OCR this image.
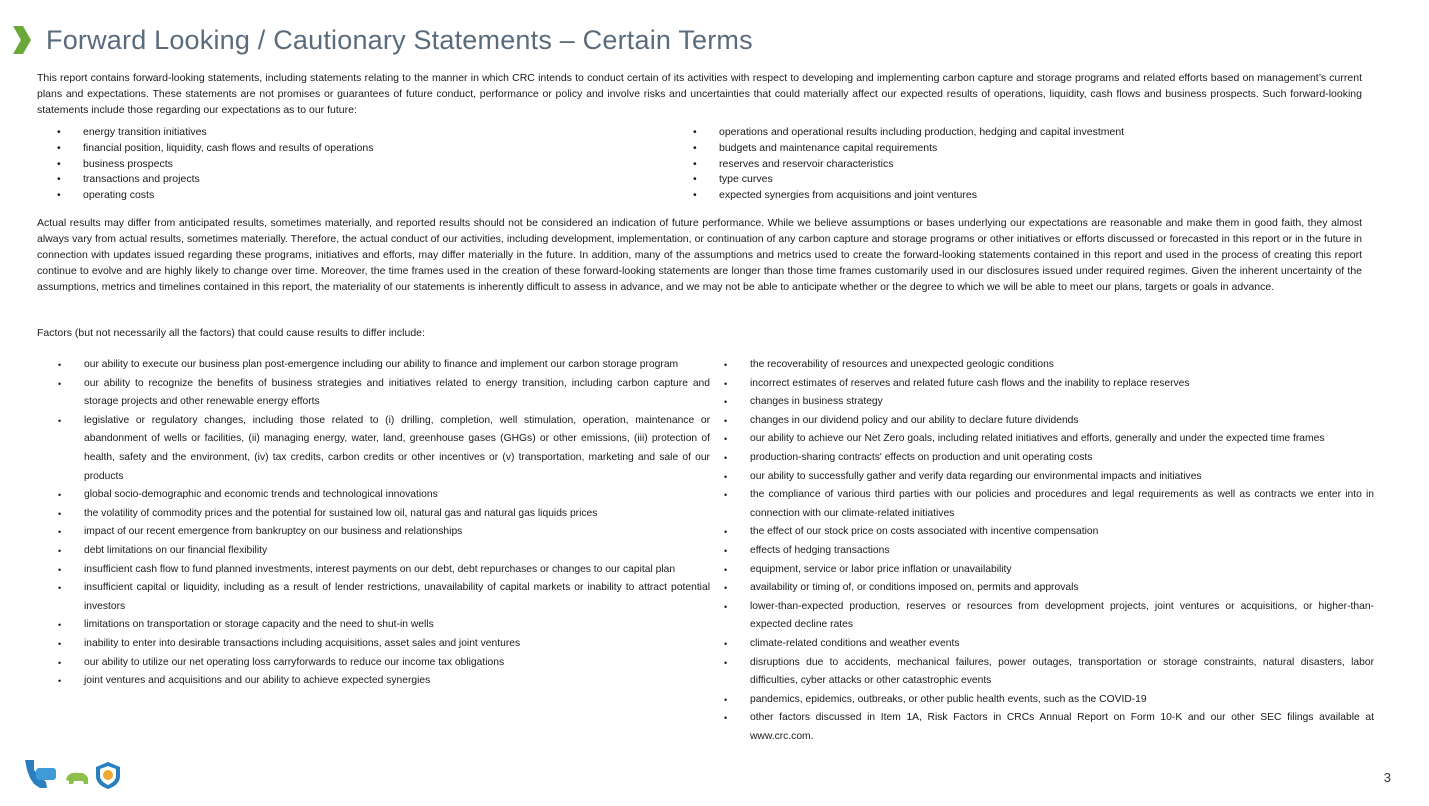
Forward Looking / Cautionary Statements – Certain Terms

This report contains forward-looking statements, including statements relating to the manner in which CRC intends to conduct certain of its activities with respect to developing and implementing carbon capture and storage programs and related efforts based on management’s current plans and expectations. These statements are not promises or guarantees of future conduct, performance or policy and involve risks and uncertainties that could materially affect our expected results of operations, liquidity, cash flows and business prospects. Such forward-looking statements include those regarding our expectations as to our future:

• energy transition initiatives
• financial position, liquidity, cash flows and results of operations
• business prospects
• transactions and projects
• operating costs
• operations and operational results including production, hedging and capital investment
• budgets and maintenance capital requirements
• reserves and reservoir characteristics
• type curves
• expected synergies from acquisitions and joint ventures

Actual results may differ from anticipated results, sometimes materially, and reported results should not be considered an indication of future performance. While we believe assumptions or bases underlying our expectations are reasonable and make them in good faith, they almost always vary from actual results, sometimes materially. Therefore, the actual conduct of our activities, including development, implementation, or continuation of any carbon capture and storage programs or other initiatives or efforts discussed or forecasted in this report or in the future in connection with updates issued regarding these programs, initiatives and efforts, may differ materially in the future. In addition, many of the assumptions and metrics used to create the forward-looking statements contained in this report and used in the process of creating this report continue to evolve and are highly likely to change over time. Moreover, the time frames used in the creation of these forward-looking statements are longer than those time frames customarily used in our disclosures issued under required regimes. Given the inherent uncertainty of the assumptions, metrics and timelines contained in this report, the materiality of our statements is inherently difficult to assess in advance, and we may not be able to anticipate whether or the degree to which we will be able to meet our plans, targets or goals in advance.

Factors (but not necessarily all the factors) that could cause results to differ include:

• our ability to execute our business plan post-emergence including our ability to finance and implement our carbon storage program
• our ability to recognize the benefits of business strategies and initiatives related to energy transition, including carbon capture and storage projects and other renewable energy efforts
• legislative or regulatory changes, including those related to (i) drilling, completion, well stimulation, operation, maintenance or abandonment of wells or facilities, (ii) managing energy, water, land, greenhouse gases (GHGs) or other emissions, (iii) protection of health, safety and the environment, (iv) tax credits, carbon credits or other incentives or (v) transportation, marketing and sale of our products
• global socio-demographic and economic trends and technological innovations
• the volatility of commodity prices and the potential for sustained low oil, natural gas and natural gas liquids prices
• impact of our recent emergence from bankruptcy on our business and relationships
• debt limitations on our financial flexibility
• insufficient cash flow to fund planned investments, interest payments on our debt, debt repurchases or changes to our capital plan
• insufficient capital or liquidity, including as a result of lender restrictions, unavailability of capital markets or inability to attract potential investors
• limitations on transportation or storage capacity and the need to shut-in wells
• inability to enter into desirable transactions including acquisitions, asset sales and joint ventures
• our ability to utilize our net operating loss carryforwards to reduce our income tax obligations
• joint ventures and acquisitions and our ability to achieve expected synergies
• the recoverability of resources and unexpected geologic conditions
• incorrect estimates of reserves and related future cash flows and the inability to replace reserves
• changes in business strategy
• changes in our dividend policy and our ability to declare future dividends
• our ability to achieve our Net Zero goals, including related initiatives and efforts, generally and under the expected time frames
• production-sharing contracts' effects on production and unit operating costs
• our ability to successfully gather and verify data regarding our environmental impacts and initiatives
• the compliance of various third parties with our policies and procedures and legal requirements as well as contracts we enter into in connection with our climate-related initiatives
• the effect of our stock price on costs associated with incentive compensation
• effects of hedging transactions
• equipment, service or labor price inflation or unavailability
• availability or timing of, or conditions imposed on, permits and approvals
• lower-than-expected production, reserves or resources from development projects, joint ventures or acquisitions, or higher-than-expected decline rates
• climate-related conditions and weather events
• disruptions due to accidents, mechanical failures, power outages, transportation or storage constraints, natural disasters, labor difficulties, cyber attacks or other catastrophic events
• pandemics, epidemics, outbreaks, or other public health events, such as the COVID-19
• other factors discussed in Item 1A, Risk Factors in CRCs Annual Report on Form 10-K and our other SEC filings available at www.crc.com.
3
